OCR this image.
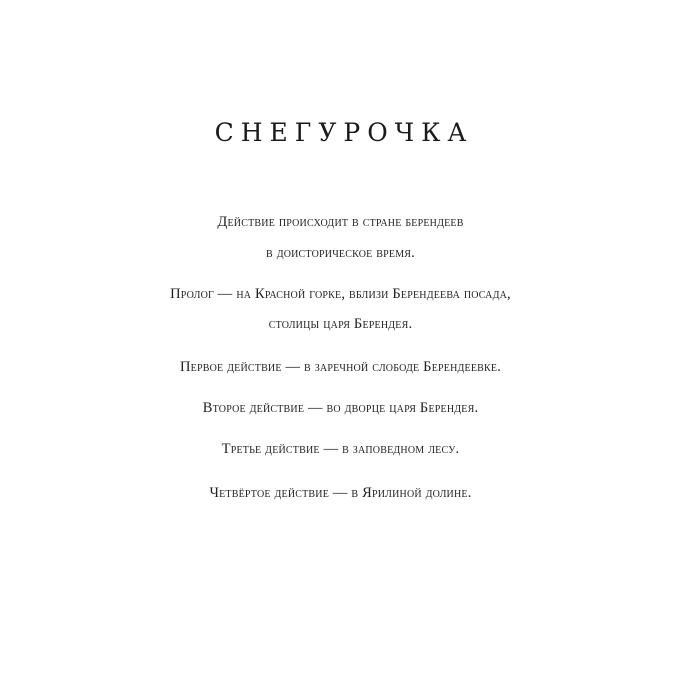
СНЕГУРОЧКА
Действие происходит в стране берендеев
в доисторическое время.
Пролог — на Красной горке, вблизи Берендеева посада,
столицы царя Берендея.
Первое действие — в заречной слободе Берендеевке.
Второе действие — во дворце царя Берендея.
Третье действие — в заповедном лесу.
Четвёртое действие — в Ярилиной долине.
